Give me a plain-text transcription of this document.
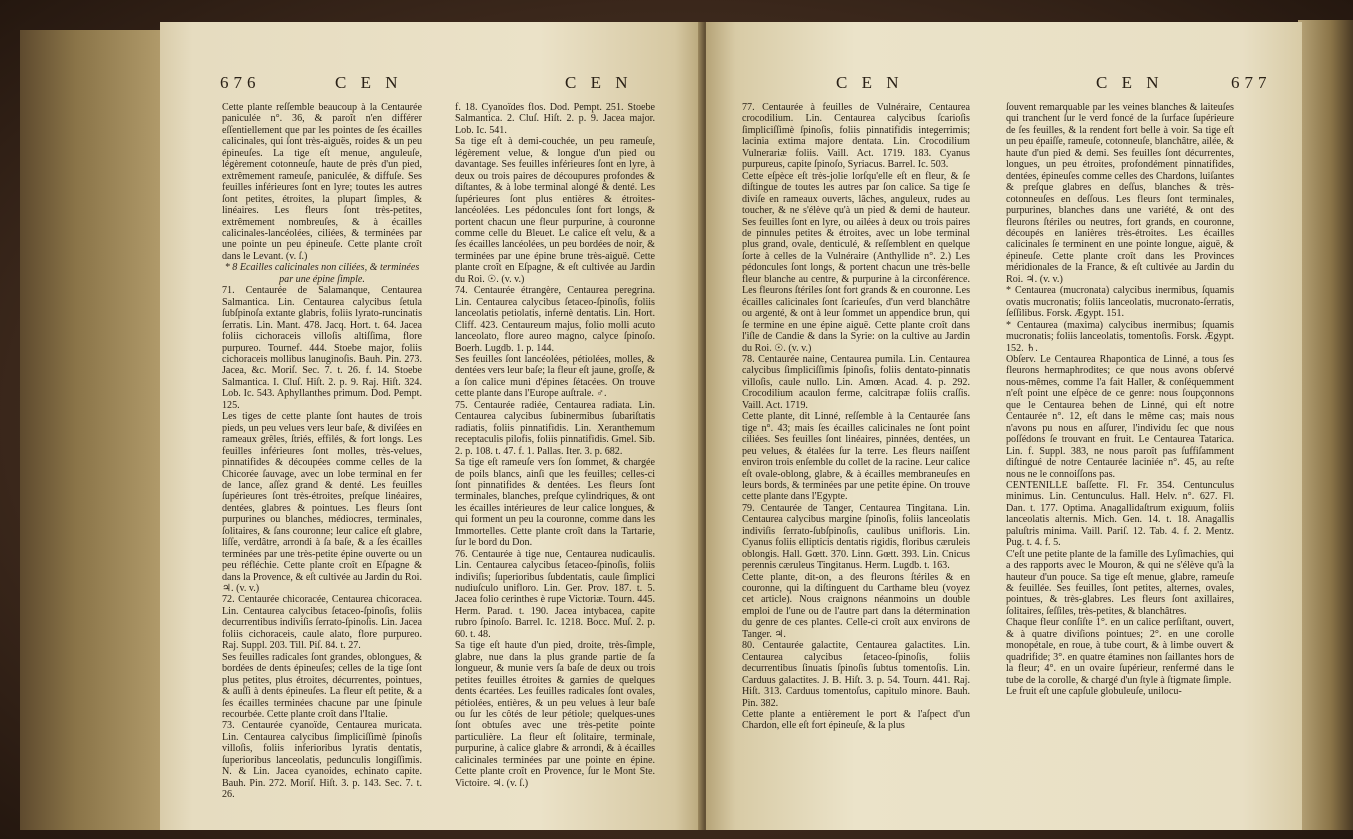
676	C E N	C E N

Cette plante reſſemble beaucoup à la Centaurée paniculée n°. 36, & paroît n'en différer eſſentiellement que par les pointes de ſes écailles calicinales, qui ſont très-aiguës, roides & un peu épineuſes. La tige eſt menue, anguleuſe, légèrement cotonneuſe, haute de près d'un pied, extrêmement rameuſe, paniculée, & diffuſe. Ses feuilles inférieures ſont en lyre; toutes les autres ſont petites, étroites, la plupart ſimples, & linéaires. Les fleurs ſont très-petites, extrêmement nombreuſes, & à écailles calicinales-lancéolées, ciliées, & terminées par une pointe un peu épineuſe. Cette plante croît dans le Levant. (v. ſ.)

* 8 Ecailles calicinales non ciliées, & terminées par une épine ſimple.

71. Centaurée de Salamanque, Centaurea Salmantica. Lin. Centaurea calycibus ſetula ſubſpinoſa extante glabris, foliis lyrato-runcinatis ſerratis. Lin. Mant. 478. Jacq. Hort. t. 64. Jacea foliis cichoraceis villoſis altiſſima, flore purpureo. Tournef. 444. Stoebe major, foliis cichoraceis mollibus lanuginoſis. Bauh. Pin. 273. Jacea, &c. Moriſ. Sec. 7. t. 26. f. 14. Stoebe Salmantica. I. Cluſ. Hiſt. 2. p. 9. Raj. Hiſt. 324. Lob. Ic. 543. Aphyllanthes primum. Dod. Pempt. 125.

Les tiges de cette plante ſont hautes de trois pieds, un peu velues vers leur baſe, & diviſées en rameaux grêles, ſtriés, effilés, & fort longs. Les feuilles inférieures ſont molles, très-velues, pinnatifides & découpées comme celles de la Chicorée ſauvage, avec un lobe terminal en fer de lance, aſſez grand & denté. Les feuilles ſupérieures ſont très-étroites, preſque linéaires, dentées, glabres & pointues. Les fleurs ſont purpurines ou blanches, médiocres, terminales, ſolitaires, & ſans couronne; leur calice eſt glabre, liſſe, verdâtre, arrondi à ſa baſe, & a ſes écailles terminées par une très-petite épine ouverte ou un peu réfléchie. Cette plante croît en Eſpagne & dans la Provence, & eſt cultivée au Jardin du Roi. ♃. (v. v.)

72. Centaurée chicoracée, Centaurea chicoracea. Lin. Centaurea calycibus ſetaceo-ſpinoſis, foliis decurrentibus indiviſis ſerrato-ſpinoſis. Lin. Jacea foliis cichoraceis, caule alato, flore purpureo. Raj. Suppl. 203. Till. Piſ. 84. t. 27.

Ses feuilles radicales ſont grandes, oblongues, & bordées de dents épineuſes; celles de la tige ſont plus petites, plus étroites, décurrentes, pointues, & auſſi à dents épineuſes. La fleur eſt petite, & a ſes écailles terminées chacune par une ſpinule recourbée. Cette plante croît dans l'Italie.

73. Centaurée cyanoïde, Centaurea muricata. Lin. Centaurea calycibus ſimpliciſſimè ſpinoſis villoſis, foliis inferioribus lyratis dentatis, ſuperioribus lanceolatis, pedunculis longiſſimis. N. & Lin. Jacea cyanoides, echinato capite. Bauh. Pin. 272. Moriſ. Hiſt. 3. p. 143. Sec. 7. t. 26.

f. 18. Cyanoïdes flos. Dod. Pempt. 251. Stoebe Salmantica. 2. Cluſ. Hiſt. 2. p. 9. Jacea major. Lob. Ic. 541.

Sa tige eſt à demi-couchée, un peu rameuſe, légèrement velue, & longue d'un pied ou davantage. Ses feuilles inférieures ſont en lyre, à deux ou trois paires de découpures profondes & diſtantes, & à lobe terminal alongé & denté. Les ſupérieures ſont plus entières & étroites-lancéolées. Les pédoncules ſont fort longs, & portent chacun une fleur purpurine, à couronne comme celle du Bleuet. Le calice eſt velu, & a ſes écailles lancéolées, un peu bordées de noir, & terminées par une épine brune très-aiguë. Cette plante croît en Eſpagne, & eſt cultivée au Jardin du Roi. ☉. (v. v.)

74. Centaurée étrangère, Centaurea peregrina. Lin. Centaurea calycibus ſetaceo-ſpinoſis, foliis lanceolatis petiolatis, infernè dentatis. Lin. Hort. Cliff. 423. Centaureum majus, folio molli acuto lanceolato, flore aureo magno, calyce ſpinoſo. Boerh. Lugdb. 1. p. 144.

Ses feuilles ſont lancéolées, pétiolées, molles, & dentées vers leur baſe; la fleur eſt jaune, groſſe, & a ſon calice muni d'épines ſétacées. On trouve cette plante dans l'Europe auſtrale. ♂.

75. Centaurée radiée, Centaurea radiata. Lin. Centaurea calycibus ſubinermibus ſubariſtatis radiatis, foliis pinnatifidis. Lin. Xeranthemum receptaculis pilofis, foliis pinnatifidis. Gmel. Sib. 2. p. 108. t. 47. f. 1. Pallas. Iter. 3. p. 682.

Sa tige eſt rameuſe vers ſon ſommet, & chargée de poils blancs, ainſi que les feuilles; celles-ci ſont pinnatifides & dentées. Les fleurs ſont terminales, blanches, preſque cylindriques, & ont les écailles intérieures de leur calice longues, & qui forment un peu la couronne, comme dans les Immortelles. Cette plante croît dans la Tartarie, ſur le bord du Don.

76. Centaurée à tige nue, Centaurea nudicaulis. Lin. Centaurea calycibus ſetaceo-ſpinoſis, foliis indiviſis; ſuperioribus ſubdentatis, caule ſimplici nudiuſculo unifloro. Lin. Ger. Prov. 187. t. 5. Jacea folio cerinthes è rupe Victoriæ. Tourn. 445. Herm. Parad. t. 190. Jacea intybacea, capite rubro ſpinoſo. Barrel. Ic. 1218. Bocc. Muſ. 2. p. 60. t. 48.

Sa tige eſt haute d'un pied, droite, très-ſimple, glabre, nue dans la plus grande partie de ſa longueur, & munie vers ſa baſe de deux ou trois petites feuilles étroites & garnies de quelques dents écartées. Les feuilles radicales ſont ovales, pétiolées, entières, & un peu velues à leur baſe ou ſur les côtés de leur pétiole; quelques-unes ſont obtuſes avec une très-petite pointe particulière. La fleur eſt ſolitaire, terminale, purpurine, à calice glabre & arrondi, & à écailles calicinales terminées par une pointe en épine. Cette plante croît en Provence, ſur le Mont Ste. Victoire. ♃. (v. ſ.)

C E N	C E N	677

77. Centaurée à feuilles de Vulnéraire, Centaurea crocodilium. Lin. Centaurea calycibus ſcarioſis ſimpliciſſimè ſpinoſis, foliis pinnatifidis integerrimis; lacinia extima majore dentata. Lin. Crocodilium Vulnerariæ foliis. Vaill. Act. 1719. 183. Cyanus purpureus, capite ſpinoſo, Syriacus. Barrel. Ic. 503.

Cette eſpèce eſt très-jolie lorſqu'elle eſt en fleur, & ſe diſtingue de toutes les autres par ſon calice. Sa tige ſe diviſe en rameaux ouverts, lâches, anguleux, rudes au toucher, & ne s'élève qu'à un pied & demi de hauteur. Ses feuilles ſont en lyre, ou ailées à deux ou trois paires de pinnules petites & étroites, avec un lobe terminal plus grand, ovale, denticulé, & reſſemblent en quelque ſorte à celles de la Vulnéraire (Anthyllide n°. 2.) Les pédoncules ſont longs, & portent chacun une très-belle fleur blanche au centre, & purpurine à la circonférence. Les fleurons ſtériles ſont fort grands & en couronne. Les écailles calicinales ſont ſcarieuſes, d'un verd blanchâtre ou argenté, & ont à leur ſommet un appendice brun, qui ſe termine en une épine aiguë. Cette plante croît dans l'iſle de Candie & dans la Syrie: on la cultive au Jardin du Roi. ☉. (v. v.)

78. Centaurée naine, Centaurea pumila. Lin. Centaurea calycibus ſimpliciſſimis ſpinoſis, foliis dentato-pinnatis villoſis, caule nullo. Lin. Amœn. Acad. 4. p. 292. Crocodilium acaulon ferme, calcitrapæ foliis craſſis. Vaill. Act. 1719.

Cette plante, dit Linné, reſſemble à la Centaurée ſans tige n°. 43; mais ſes écailles calicinales ne ſont point ciliées. Ses feuilles ſont linéaires, pinnées, dentées, un peu velues, & étalées ſur la terre. Les fleurs naiſſent environ trois enſemble du collet de la racine. Leur calice eſt ovale-oblong, glabre, & à écailles membraneuſes en leurs bords, & terminées par une petite épine. On trouve cette plante dans l'Egypte.

79. Centaurée de Tanger, Centaurea Tingitana. Lin. Centaurea calycibus margine ſpinoſis, foliis lanceolatis indiviſis ſerrato-ſubſpinoſis, caulibus unifloris. Lin. Cyanus foliis ellipticis dentatis rigidis, floribus cæruleis oblongis. Hall. Gœtt. 370. Linn. Gœtt. 393. Lin. Cnicus perennis cæruleus Tingitanus. Herm. Lugdb. t. 163.

Cette plante, dit-on, a des fleurons ſtériles & en couronne, qui la diſtinguent du Carthame bleu (voyez cet article). Nous craignons néanmoins un double emploi de l'une ou de l'autre part dans la détermination du genre de ces plantes. Celle-ci croît aux environs de Tanger. ♃.

80. Centaurée galactite, Centaurea galactites. Lin. Centaurea calycibus ſetaceo-ſpinoſis, foliis decurrentibus ſinuatis ſpinoſis ſubtus tomentoſis. Lin. Carduus galactites. J. B. Hiſt. 3. p. 54. Tourn. 441. Raj. Hiſt. 313. Carduus tomentoſus, capitulo minore. Bauh. Pin. 382.

Cette plante a entièrement le port & l'aſpect d'un Chardon, elle eſt fort épineuſe, & la plus

ſouvent remarquable par les veines blanches & laiteuſes qui tranchent ſur le verd foncé de la ſurface ſupérieure de ſes feuilles, & la rendent fort belle à voir. Sa tige eſt un peu épaiſſe, rameuſe, cotonneuſe, blanchâtre, ailée, & haute d'un pied & demi. Ses feuilles ſont décurrentes, longues, un peu étroites, profondément pinnatifides, dentées, épineuſes comme celles des Chardons, luiſantes & preſque glabres en deſſus, blanches & très-cotonneuſes en deſſous. Les fleurs ſont terminales, purpurines, blanches dans une variété, & ont des fleurons ſtériles ou neutres, fort grands, en couronne, découpés en lanières très-étroites. Les écailles calicinales ſe terminent en une pointe longue, aiguë, & épineuſe. Cette plante croît dans les Provinces méridionales de la France, & eſt cultivée au Jardin du Roi. ♃. (v. v.)

* Centaurea (mucronata) calycibus inermibus, ſquamis ovatis mucronatis; foliis lanceolatis, mucronato-ſerratis, ſeſſilibus. Forsk. Ægypt. 151.

* Centaurea (maxima) calycibus inermibus; ſquamis mucronatis; foliis lanceolatis, tomentoſis. Forsk. Ægypt. 152. ♄.

Obſerv. Le Centaurea Rhapontica de Linné, a tous ſes fleurons hermaphrodites; ce que nous avons obſervé nous-mêmes, comme l'a fait Haller, & conſéquemment n'eſt point une eſpèce de ce genre: nous ſoupçonnons que le Centaurea behen de Linné, qui eſt notre Centaurée n°. 12, eſt dans le même cas; mais nous n'avons pu nous en aſſurer, l'individu ſec que nous poſſédons ſe trouvant en fruit. Le Centaurea Tatarica. Lin. f. Suppl. 383, ne nous paroît pas ſuffiſamment diſtingué de notre Centaurée laciniée n°. 45, au reſte nous ne le connoiſſons pas.

CENTENILLE baſſette. Fl. Fr. 354. Centunculus minimus. Lin. Centunculus. Hall. Helv. n°. 627. Fl. Dan. t. 177. Optima. Anagallidaſtrum exiguum, foliis lanceolatis alternis. Mich. Gen. 14. t. 18. Anagallis paluſtris minima. Vaill. Pariſ. 12. Tab. 4. f. 2. Mentz. Pug. t. 4. f. 5.

C'eſt une petite plante de la famille des Lyſimachies, qui a des rapports avec le Mouron, & qui ne s'élève qu'à la hauteur d'un pouce. Sa tige eſt menue, glabre, rameuſe & feuillée. Ses feuilles, ſont petites, alternes, ovales, pointues, & très-glabres. Les fleurs ſont axillaires, ſolitaires, ſeſſiles, très-petites, & blanchâtres.

Chaque fleur conſiſte 1°. en un calice perſiſtant, ouvert, & à quatre diviſions pointues; 2°. en une corolle monopétale, en roue, à tube court, & à limbe ouvert & quadrifide; 3°. en quatre étamines non ſaillantes hors de la fleur; 4°. en un ovaire ſupérieur, renfermé dans le tube de la corolle, & chargé d'un ſtyle à ſtigmate ſimple.

Le fruit eſt une capſule globuleuſe, unilocu-
